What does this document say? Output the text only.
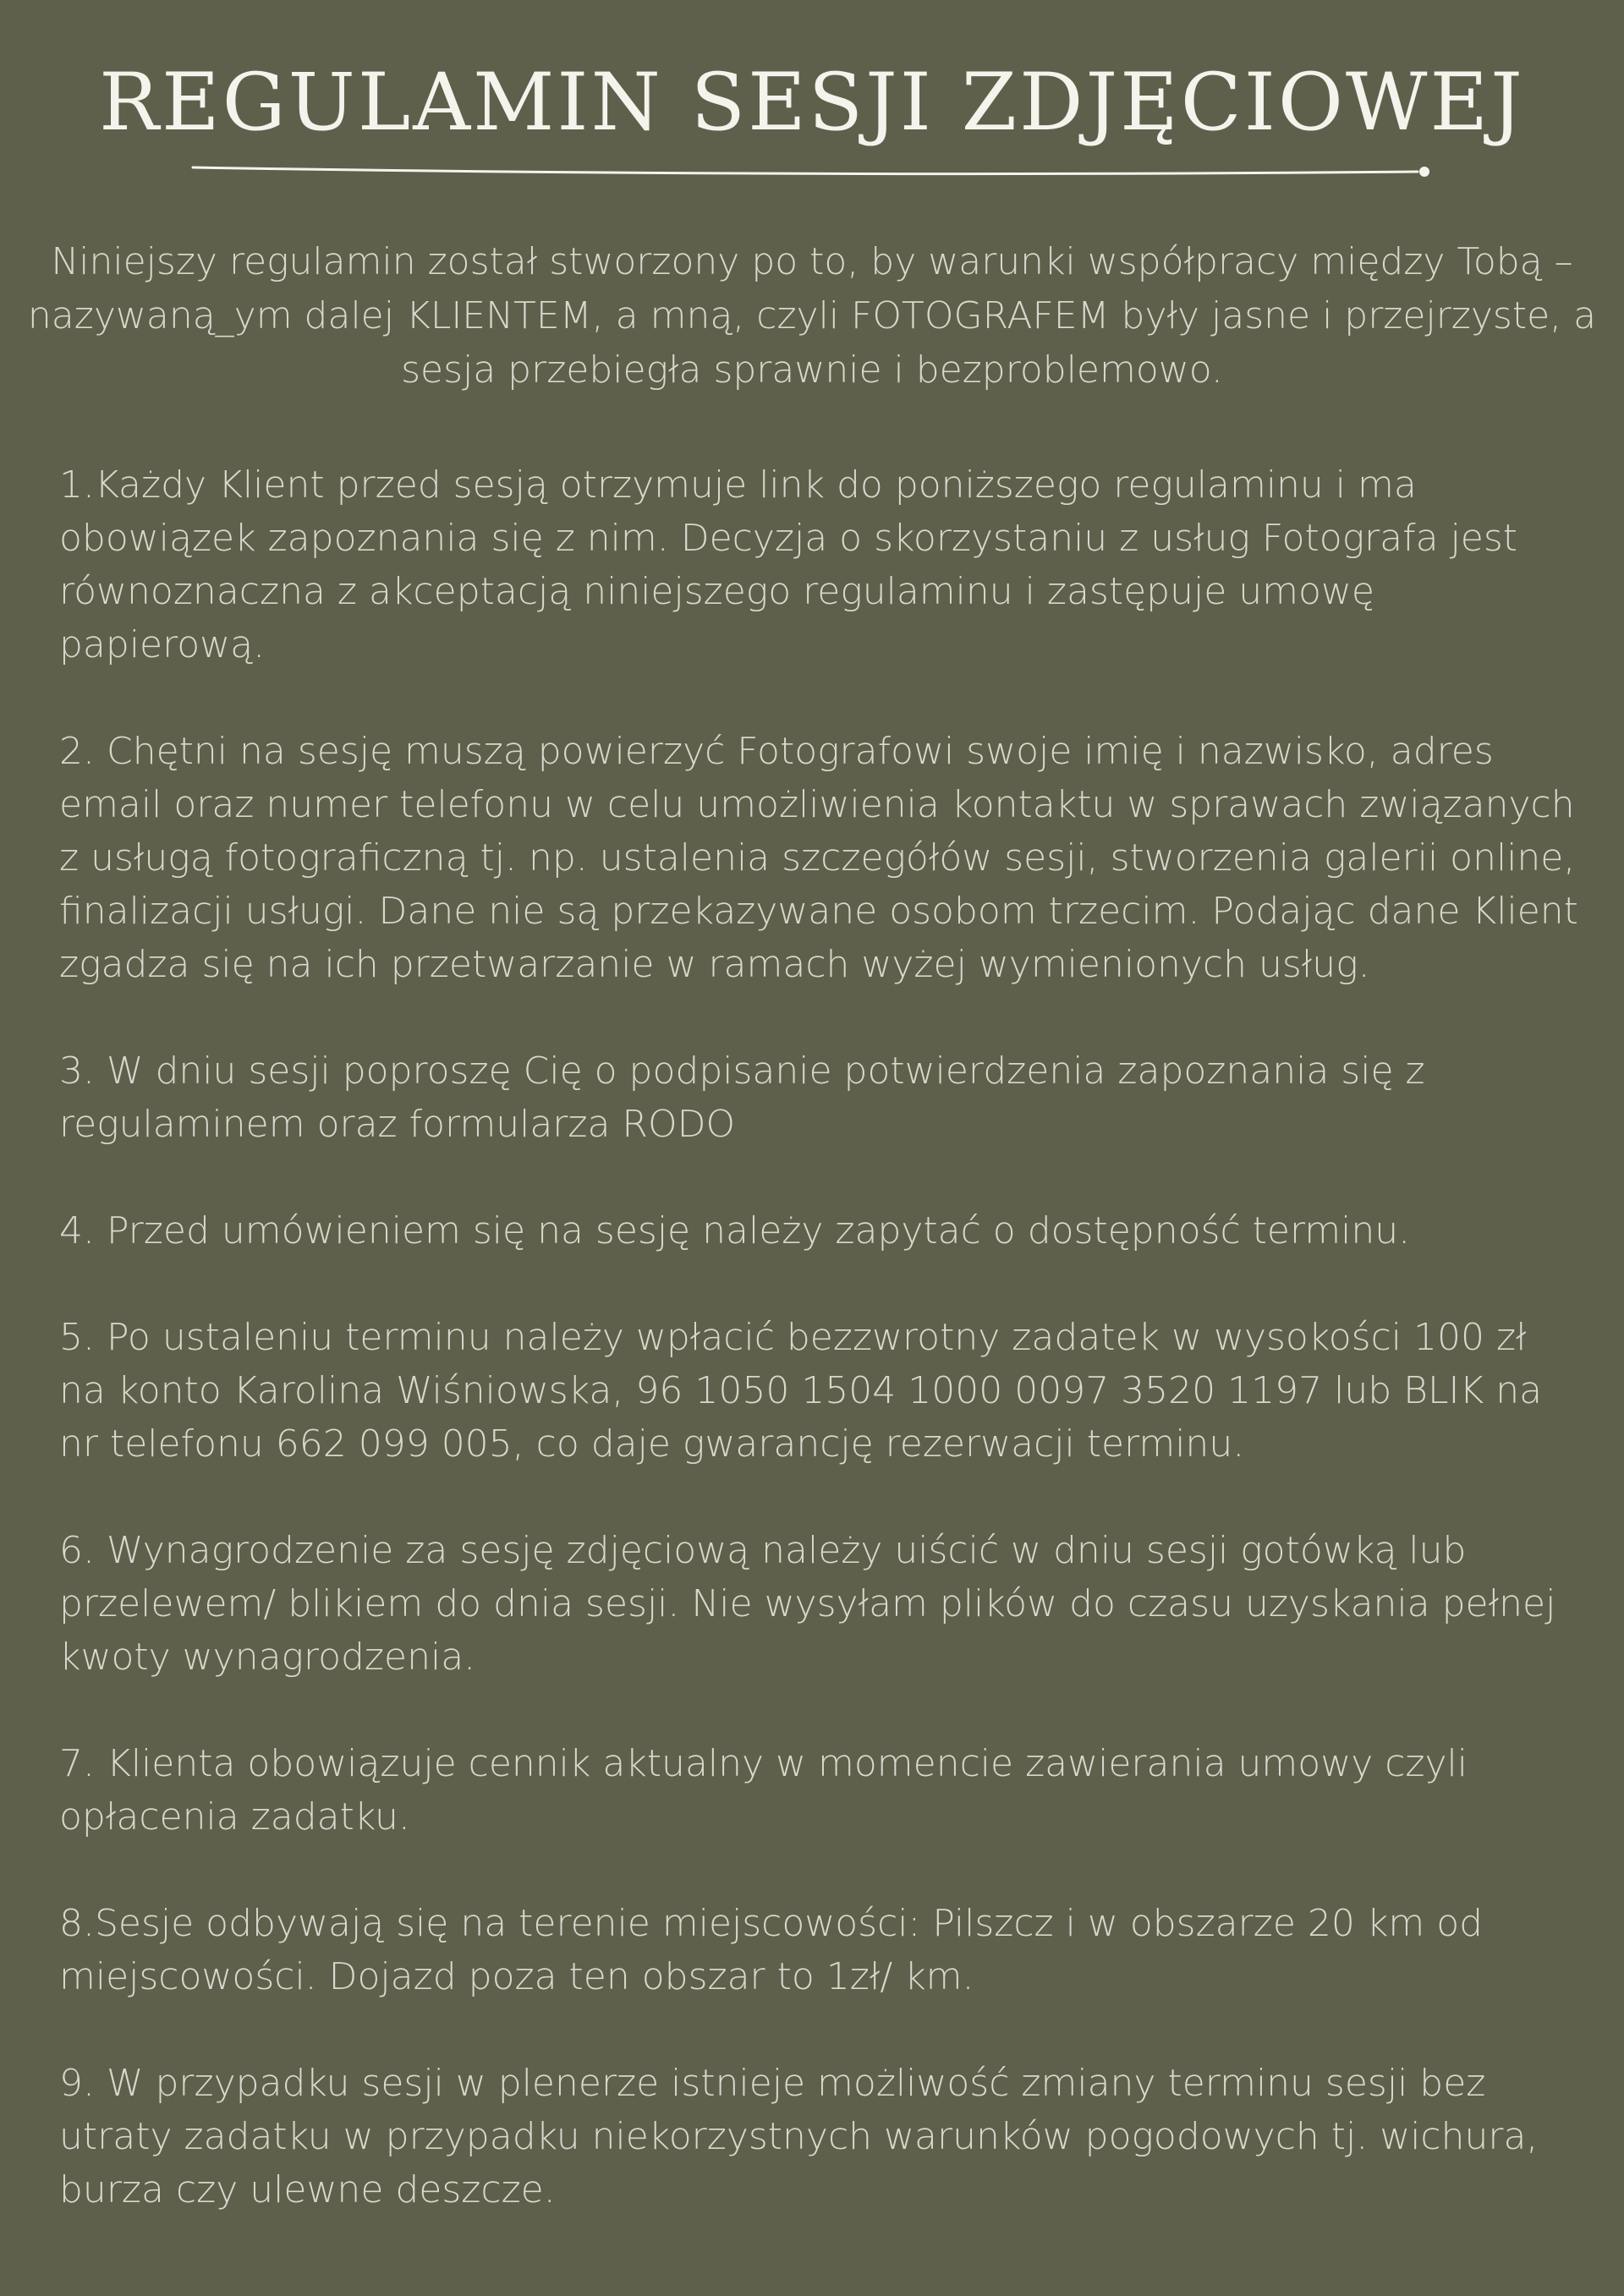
REGULAMIN SESJI ZDJĘCIOWEJ

Niniejszy regulamin został stworzony po to, by warunki współpracy między Tobą – nazywaną_ym dalej KLIENTEM, a mną, czyli FOTOGRAFEM były jasne i przejrzyste, a sesja przebiegła sprawnie i bezproblemowo.

1.Każdy Klient przed sesją otrzymuje link do poniższego regulaminu i ma obowiązek zapoznania się z nim. Decyzja o skorzystaniu z usług Fotografa jest równoznaczna z akceptacją niniejszego regulaminu i zastępuje umowę papierową.

2. Chętni na sesję muszą powierzyć Fotografowi swoje imię i nazwisko, adres email oraz numer telefonu w celu umożliwienia kontaktu w sprawach związanych z usługą fotograficzną tj. np. ustalenia szczegółów sesji, stworzenia galerii online, finalizacji usługi. Dane nie są przekazywane osobom trzecim. Podając dane Klient zgadza się na ich przetwarzanie w ramach wyżej wymienionych usług.

3. W dniu sesji poproszę Cię o podpisanie potwierdzenia zapoznania się z regulaminem oraz formularza RODO

4. Przed umówieniem się na sesję należy zapytać o dostępność terminu.

5. Po ustaleniu terminu należy wpłacić bezzwrotny zadatek w wysokości 100 zł na konto Karolina Wiśniowska, 96 1050 1504 1000 0097 3520 1197 lub BLIK na nr telefonu 662 099 005, co daje gwarancję rezerwacji terminu.

6. Wynagrodzenie za sesję zdjęciową należy uiścić w dniu sesji gotówką lub przelewem/ blikiem do dnia sesji. Nie wysyłam plików do czasu uzyskania pełnej kwoty wynagrodzenia.

7. Klienta obowiązuje cennik aktualny w momencie zawierania umowy czyli opłacenia zadatku.

8.Sesje odbywają się na terenie miejscowości: Pilszcz i w obszarze 20 km od miejscowości. Dojazd poza ten obszar to 1zł/ km.

9. W przypadku sesji w plenerze istnieje możliwość zmiany terminu sesji bez utraty zadatku w przypadku niekorzystnych warunków pogodowych tj. wichura, burza czy ulewne deszcze.
